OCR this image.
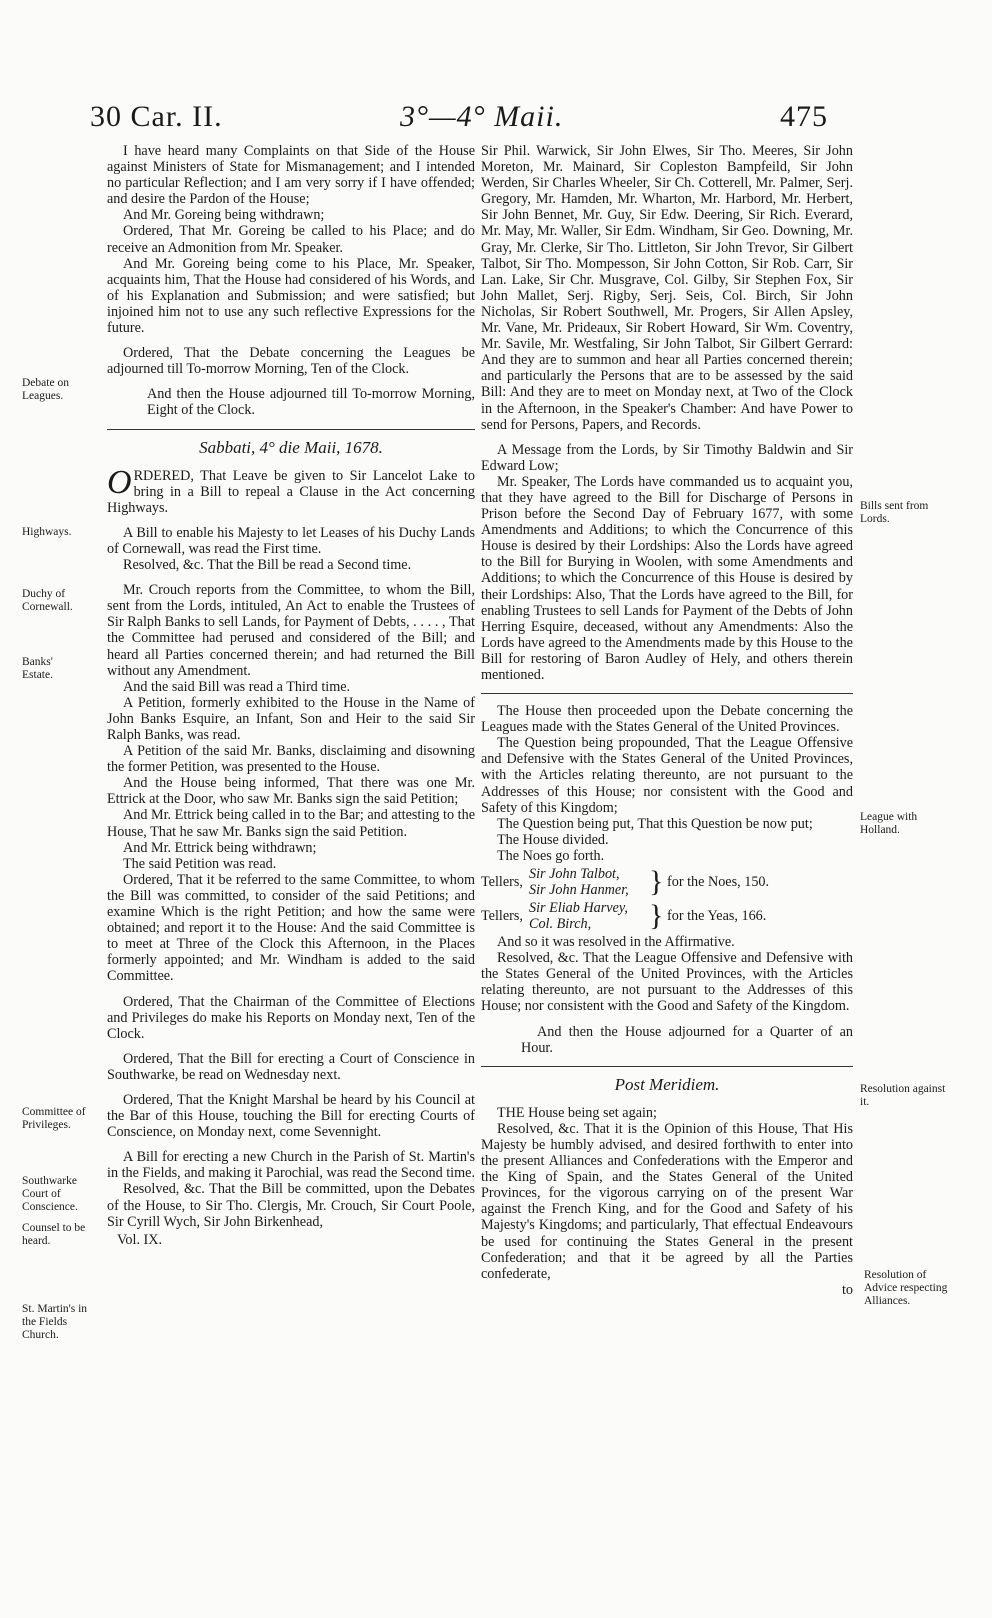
30 Car. II.	3°—4° Maii.	475
Debate on Leagues.
Highways.
Duchy of Cornewall.
Banks' Estate.
Committee of Privileges.
Southwarke Court of Conscience.
Counsel to be heard.
St. Martin's in the Fields Church.
Bills sent from Lords.
League with Holland.
Resolution against it.
Resolution of Advice respecting Alliances.

I have heard many Complaints on that Side of the House against Ministers of State for Mismanagement; and I intended no particular Reflection; and I am very sorry if I have offended; and desire the Pardon of the House;

And Mr. Goreing being withdrawn;

Ordered, That Mr. Goreing be called to his Place; and do receive an Admonition from Mr. Speaker.

And Mr. Goreing being come to his Place, Mr. Speaker, acquaints him, That the House had considered of his Words, and of his Explanation and Submission; and were satisfied; but injoined him not to use any such reflective Expressions for the future.

Ordered, That the Debate concerning the Leagues be adjourned till To-morrow Morning, Ten of the Clock.

And then the House adjourned till To-morrow Morning, Eight of the Clock.

Sabbati, 4° die Maii, 1678.

ORDERED, That Leave be given to Sir Lancelot Lake to bring in a Bill to repeal a Clause in the Act concerning Highways.

A Bill to enable his Majesty to let Leases of his Duchy Lands of Cornewall, was read the First time.

Resolved, &c. That the Bill be read a Second time.

Mr. Crouch reports from the Committee, to whom the Bill, sent from the Lords, intituled, An Act to enable the Trustees of Sir Ralph Banks to sell Lands, for Payment of Debts, . . . . , That the Committee had perused and considered of the Bill; and heard all Parties concerned therein; and had returned the Bill without any Amendment.

And the said Bill was read a Third time.

A Petition, formerly exhibited to the House in the Name of John Banks Esquire, an Infant, Son and Heir to the said Sir Ralph Banks, was read.

A Petition of the said Mr. Banks, disclaiming and disowning the former Petition, was presented to the House.

And the House being informed, That there was one Mr. Ettrick at the Door, who saw Mr. Banks sign the said Petition;

And Mr. Ettrick being called in to the Bar; and attesting to the House, That he saw Mr. Banks sign the said Petition.

And Mr. Ettrick being withdrawn;

The said Petition was read.

Ordered, That it be referred to the same Committee, to whom the Bill was committed, to consider of the said Petitions; and examine Which is the right Petition; and how the same were obtained; and report it to the House: And the said Committee is to meet at Three of the Clock this Afternoon, in the Places formerly appointed; and Mr. Windham is added to the said Committee.

Ordered, That the Chairman of the Committee of Elections and Privileges do make his Reports on Monday next, Ten of the Clock.

Ordered, That the Bill for erecting a Court of Conscience in Southwarke, be read on Wednesday next.

Ordered, That the Knight Marshal be heard by his Council at the Bar of this House, touching the Bill for erecting Courts of Conscience, on Monday next, come Sevennight.

A Bill for erecting a new Church in the Parish of St. Martin's in the Fields, and making it Parochial, was read the Second time.

Resolved, &c. That the Bill be committed, upon the Debates of the House, to Sir Tho. Clergis, Mr. Crouch, Sir Court Poole, Sir Cyrill Wych, Sir John Birkenhead,

Vol. IX.

Sir Phil. Warwick, Sir John Elwes, Sir Tho. Meeres, Sir John Moreton, Mr. Mainard, Sir Copleston Bampfeild, Sir John Werden, Sir Charles Wheeler, Sir Ch. Cotterell, Mr. Palmer, Serj. Gregory, Mr. Hamden, Mr. Wharton, Mr. Harbord, Mr. Herbert, Sir John Bennet, Mr. Guy, Sir Edw. Deering, Sir Rich. Everard, Mr. May, Mr. Waller, Sir Edm. Windham, Sir Geo. Downing, Mr. Gray, Mr. Clerke, Sir Tho. Littleton, Sir John Trevor, Sir Gilbert Talbot, Sir Tho. Mompesson, Sir John Cotton, Sir Rob. Carr, Sir Lan. Lake, Sir Chr. Musgrave, Col. Gilby, Sir Stephen Fox, Sir John Mallet, Serj. Rigby, Serj. Seis, Col. Birch, Sir John Nicholas, Sir Robert Southwell, Mr. Progers, Sir Allen Apsley, Mr. Vane, Mr. Prideaux, Sir Robert Howard, Sir Wm. Coventry, Mr. Savile, Mr. Westfaling, Sir John Talbot, Sir Gilbert Gerrard: And they are to summon and hear all Parties concerned therein; and particularly the Persons that are to be assessed by the said Bill: And they are to meet on Monday next, at Two of the Clock in the Afternoon, in the Speaker's Chamber: And have Power to send for Persons, Papers, and Records.

A Message from the Lords, by Sir Timothy Baldwin and Sir Edward Low;

Mr. Speaker, The Lords have commanded us to acquaint you, that they have agreed to the Bill for Discharge of Persons in Prison before the Second Day of February 1677, with some Amendments and Additions; to which the Concurrence of this House is desired by their Lordships: Also the Lords have agreed to the Bill for Burying in Woolen, with some Amendments and Additions; to which the Concurrence of this House is desired by their Lordships: Also, That the Lords have agreed to the Bill, for enabling Trustees to sell Lands for Payment of the Debts of John Herring Esquire, deceased, without any Amendments: Also the Lords have agreed to the Amendments made by this House to the Bill for restoring of Baron Audley of Hely, and others therein mentioned.

The House then proceeded upon the Debate concerning the Leagues made with the States General of the United Provinces.

The Question being propounded, That the League Offensive and Defensive with the States General of the United Provinces, with the Articles relating thereunto, are not pursuant to the Addresses of this House; nor consistent with the Good and Safety of this Kingdom;

The Question being put, That this Question be now put;

The House divided.

The Noes go forth.

Tellers, Sir John Talbot,
Sir John Hanmer, } for the Noes, 150.
Tellers, Sir Eliab Harvey,
Col. Birch,	} for the Yeas, 166.

And so it was resolved in the Affirmative.

Resolved, &c. That the League Offensive and Defensive with the States General of the United Provinces, with the Articles relating thereunto, are not pursuant to the Addresses of this House; nor consistent with the Good and Safety of the Kingdom.

And then the House adjourned for a Quarter of an Hour.

Post Meridiem.

THE House being set again;

Resolved, &c. That it is the Opinion of this House, That His Majesty be humbly advised, and desired forthwith to enter into the present Alliances and Confederations with the Emperor and the King of Spain, and the States General of the United Provinces, for the vigorous carrying on of the present War against the French King, and for the Good and Safety of his Majesty's Kingdoms; and particularly, That effectual Endeavours be used for continuing the States General in the present Confederation; and that it be agreed by all the Parties confederate,

to
